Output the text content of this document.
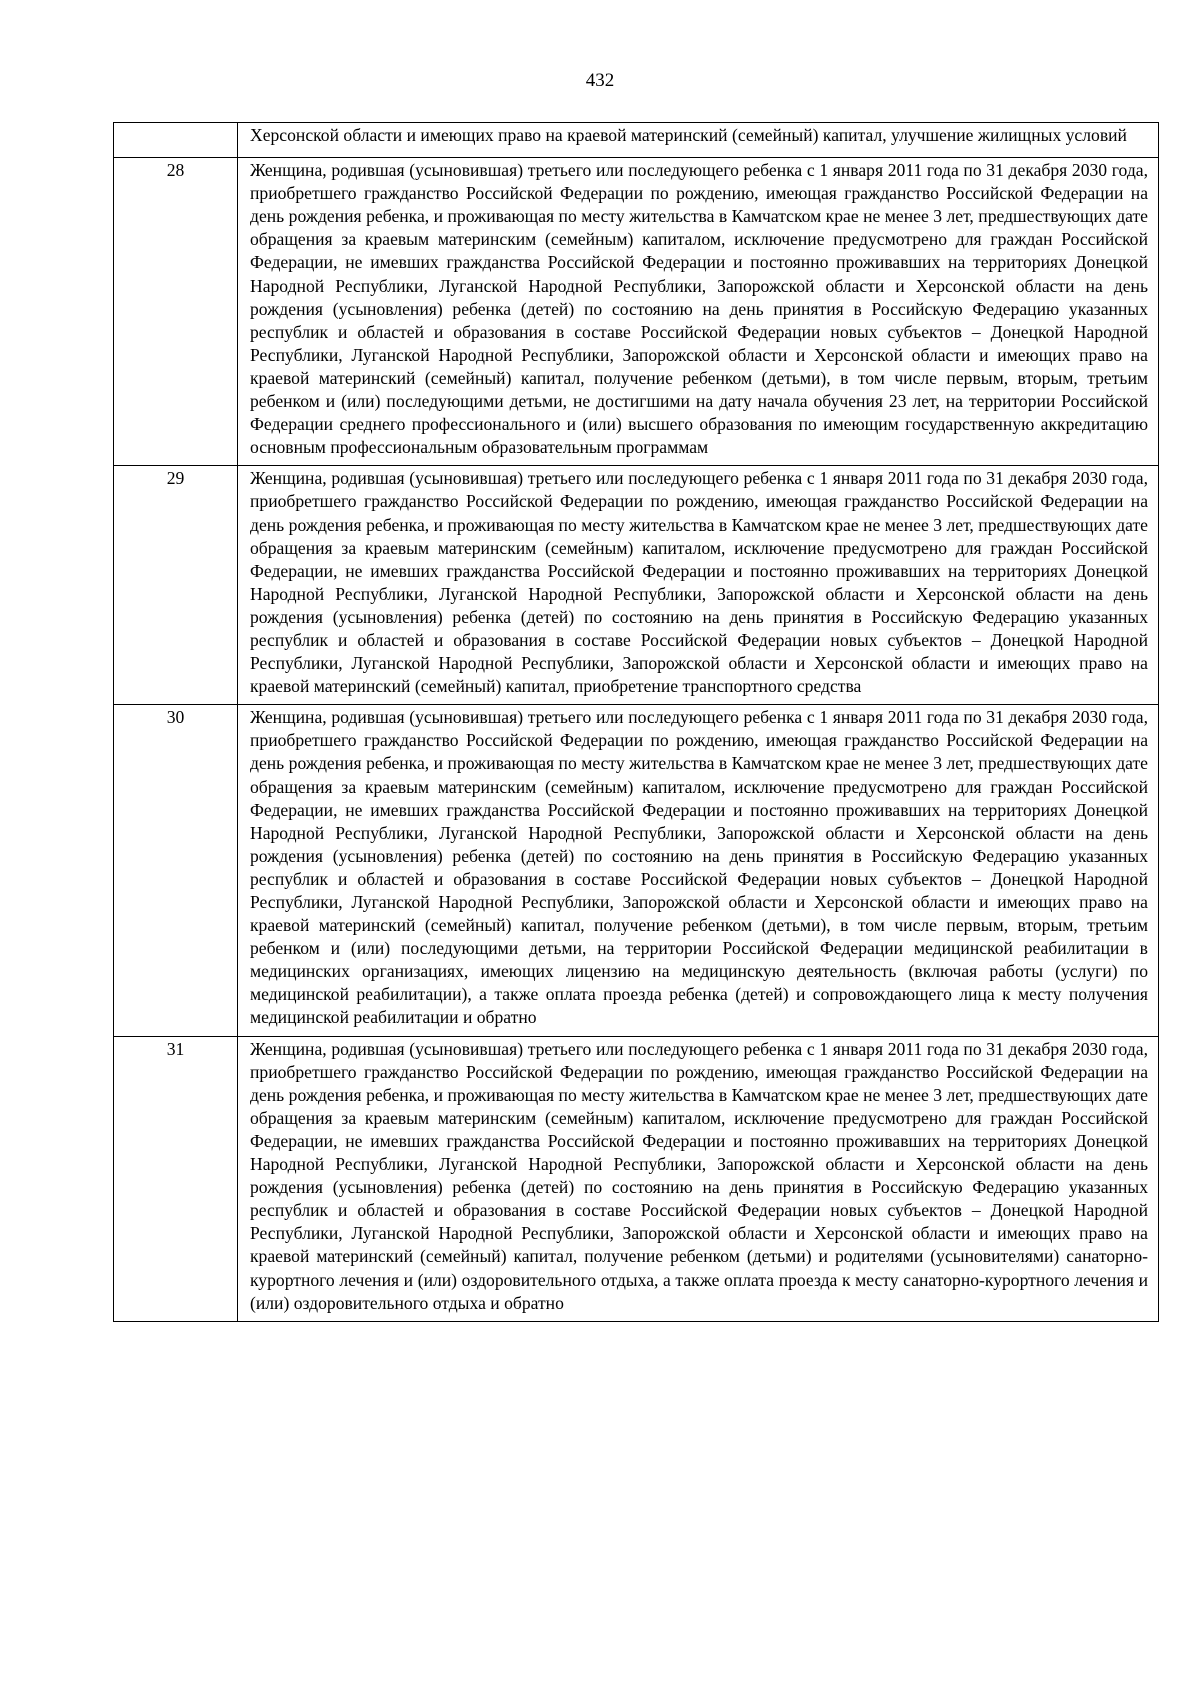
432
	Херсонской области и имеющих право на краевой материнский (семейный) капитал, улучшение жилищных условий
28	Женщина, родившая (усыновившая) третьего или последующего ребенка с 1 января 2011 года по 31 декабря 2030 года, приобретшего гражданство Российской Федерации по рождению, имеющая гражданство Российской Федерации на день рождения ребенка, и проживающая по месту жительства в Камчатском крае не менее 3 лет, предшествующих дате обращения за краевым материнским (семейным) капиталом, исключение предусмотрено для граждан Российской Федерации, не имевших гражданства Российской Федерации и постоянно проживавших на территориях Донецкой Народной Республики, Луганской Народной Республики, Запорожской области и Херсонской области на день рождения (усыновления) ребенка (детей) по состоянию на день принятия в Российскую Федерацию указанных республик и областей и образования в составе Российской Федерации новых субъектов – Донецкой Народной Республики, Луганской Народной Республики, Запорожской области и Херсонской области и имеющих право на краевой материнский (семейный) капитал, получение ребенком (детьми), в том числе первым, вторым, третьим ребенком и (или) последующими детьми, не достигшими на дату начала обучения 23 лет, на территории Российской Федерации среднего профессионального и (или) высшего образования по имеющим государственную аккредитацию основным профессиональным образовательным программам
29	Женщина, родившая (усыновившая) третьего или последующего ребенка с 1 января 2011 года по 31 декабря 2030 года, приобретшего гражданство Российской Федерации по рождению, имеющая гражданство Российской Федерации на день рождения ребенка, и проживающая по месту жительства в Камчатском крае не менее 3 лет, предшествующих дате обращения за краевым материнским (семейным) капиталом, исключение предусмотрено для граждан Российской Федерации, не имевших гражданства Российской Федерации и постоянно проживавших на территориях Донецкой Народной Республики, Луганской Народной Республики, Запорожской области и Херсонской области на день рождения (усыновления) ребенка (детей) по состоянию на день принятия в Российскую Федерацию указанных республик и областей и образования в составе Российской Федерации новых субъектов – Донецкой Народной Республики, Луганской Народной Республики, Запорожской области и Херсонской области и имеющих право на краевой материнский (семейный) капитал, приобретение транспортного средства
30	Женщина, родившая (усыновившая) третьего или последующего ребенка с 1 января 2011 года по 31 декабря 2030 года, приобретшего гражданство Российской Федерации по рождению, имеющая гражданство Российской Федерации на день рождения ребенка, и проживающая по месту жительства в Камчатском крае не менее 3 лет, предшествующих дате обращения за краевым материнским (семейным) капиталом, исключение предусмотрено для граждан Российской Федерации, не имевших гражданства Российской Федерации и постоянно проживавших на территориях Донецкой Народной Республики, Луганской Народной Республики, Запорожской области и Херсонской области на день рождения (усыновления) ребенка (детей) по состоянию на день принятия в Российскую Федерацию указанных республик и областей и образования в составе Российской Федерации новых субъектов – Донецкой Народной Республики, Луганской Народной Республики, Запорожской области и Херсонской области и имеющих право на краевой материнский (семейный) капитал, получение ребенком (детьми), в том числе первым, вторым, третьим ребенком и (или) последующими детьми, на территории Российской Федерации медицинской реабилитации в медицинских организациях, имеющих лицензию на медицинскую деятельность (включая работы (услуги) по медицинской реабилитации), а также оплата проезда ребенка (детей) и сопровождающего лица к месту получения медицинской реабилитации и обратно
31	Женщина, родившая (усыновившая) третьего или последующего ребенка с 1 января 2011 года по 31 декабря 2030 года, приобретшего гражданство Российской Федерации по рождению, имеющая гражданство Российской Федерации на день рождения ребенка, и проживающая по месту жительства в Камчатском крае не менее 3 лет, предшествующих дате обращения за краевым материнским (семейным) капиталом, исключение предусмотрено для граждан Российской Федерации, не имевших гражданства Российской Федерации и постоянно проживавших на территориях Донецкой Народной Республики, Луганской Народной Республики, Запорожской области и Херсонской области на день рождения (усыновления) ребенка (детей) по состоянию на день принятия в Российскую Федерацию указанных республик и областей и образования в составе Российской Федерации новых субъектов – Донецкой Народной Республики, Луганской Народной Республики, Запорожской области и Херсонской области и имеющих право на краевой материнский (семейный) капитал, получение ребенком (детьми) и родителями (усыновителями) санаторно-курортного лечения и (или) оздоровительного отдыха, а также оплата проезда к месту санаторно-курортного лечения и (или) оздоровительного отдыха и обратно
